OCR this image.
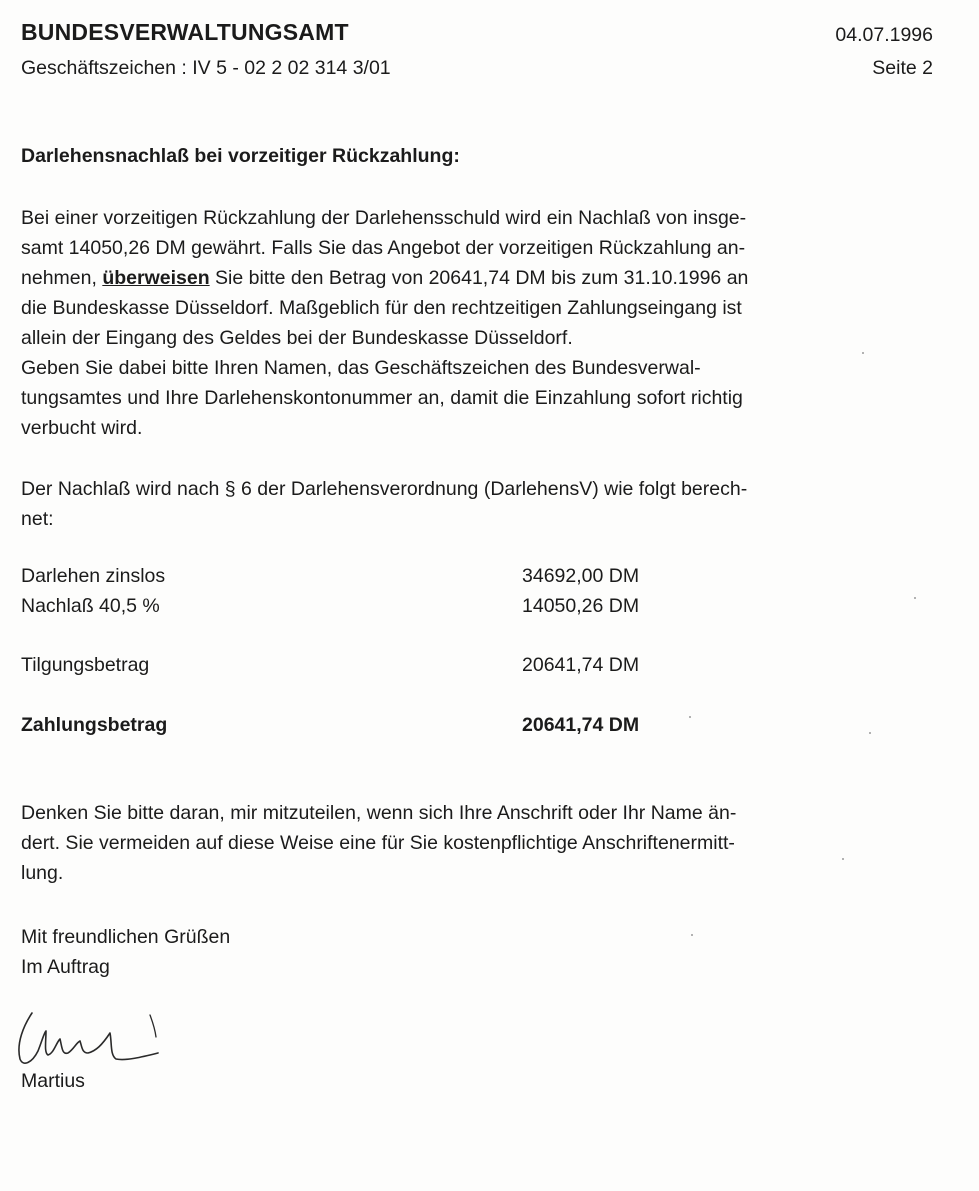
BUNDESVERWALTUNGSAMT
Geschäftszeichen : IV 5 - 02 2 02 314 3/01
04.07.1996
Seite 2
Darlehensnachlaß bei vorzeitiger Rückzahlung:
Bei einer vorzeitigen Rückzahlung der Darlehensschuld wird ein Nachlaß von insge-
samt 14050,26 DM gewährt. Falls Sie das Angebot der vorzeitigen Rückzahlung an-
nehmen, überweisen Sie bitte den Betrag von 20641,74 DM bis zum 31.10.1996 an
die Bundeskasse Düsseldorf. Maßgeblich für den rechtzeitigen Zahlungseingang ist
allein der Eingang des Geldes bei der Bundeskasse Düsseldorf.
Geben Sie dabei bitte Ihren Namen, das Geschäftszeichen des Bundesverwal-
tungsamtes und Ihre Darlehenskontonummer an, damit die Einzahlung sofort richtig
verbucht wird.
Der Nachlaß wird nach § 6 der Darlehensverordnung (DarlehensV) wie folgt berech-
net:
Darlehen zinslos	34692,00 DM
Nachlaß 40,5 %	14050,26 DM
Tilgungsbetrag	20641,74 DM
Zahlungsbetrag	20641,74 DM
Denken Sie bitte daran, mir mitzuteilen, wenn sich Ihre Anschrift oder Ihr Name än-
dert. Sie vermeiden auf diese Weise eine für Sie kostenpflichtige Anschriftenermitt-
lung.
Mit freundlichen Grüßen
Im Auftrag
Martius
